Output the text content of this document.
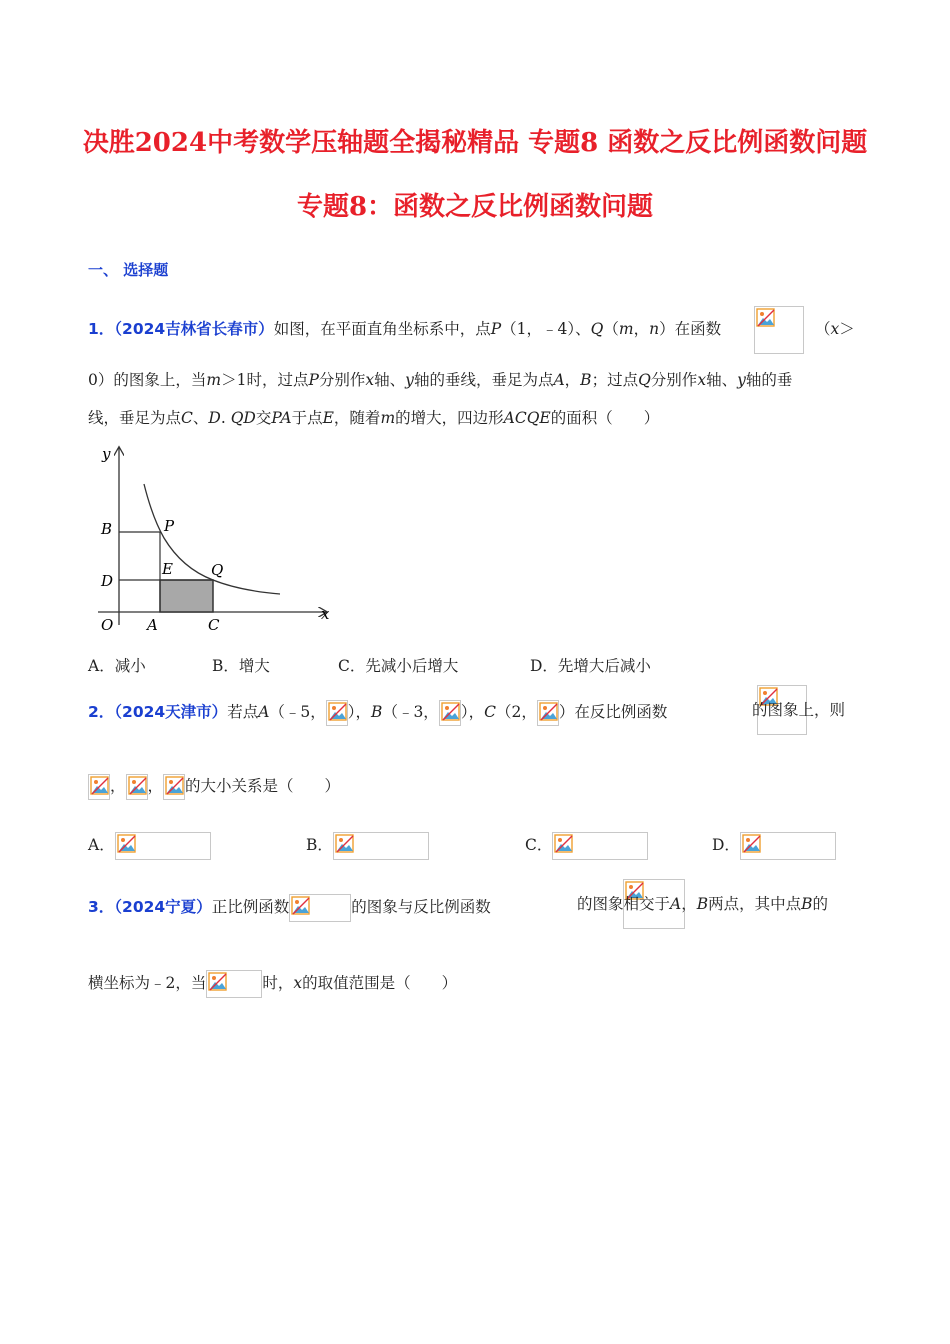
决胜2024中考数学压轴题全揭秘精品 专题8 函数之反比例函数问题
专题8：函数之反比例函数问题
一、 选择题
1．（2024吉林省长春市）如图，在平面直角坐标系中，点P（1，﹣4）、Q（m，n）在函数
	（x＞
0）的图象上，当m＞1时，过点P分别作x轴、y轴的垂线，垂足为点A，B；过点Q分别作x轴、y轴的垂
线，垂足为点C、D. QD交PA于点E，随着m的增大，四边形ACQE的面积（　　）
y
x
B	P
D
E	Q
O A	C
A．减小	B．增大	C．先减小后增大	D．先增大后减小
2．（2024天津市）若点A（﹣5， ），B（﹣3， ），C（2， ）在反比例函数
	的图象上，则
， ， 的大小关系是（　　）
A．	B．	C．	D．
3．（2024宁夏）正比例函数	的图象与反比例函数	的图象相交于A，B两点，其中点B的
横坐标为﹣2，当	时，x的取值范围是（　　）
